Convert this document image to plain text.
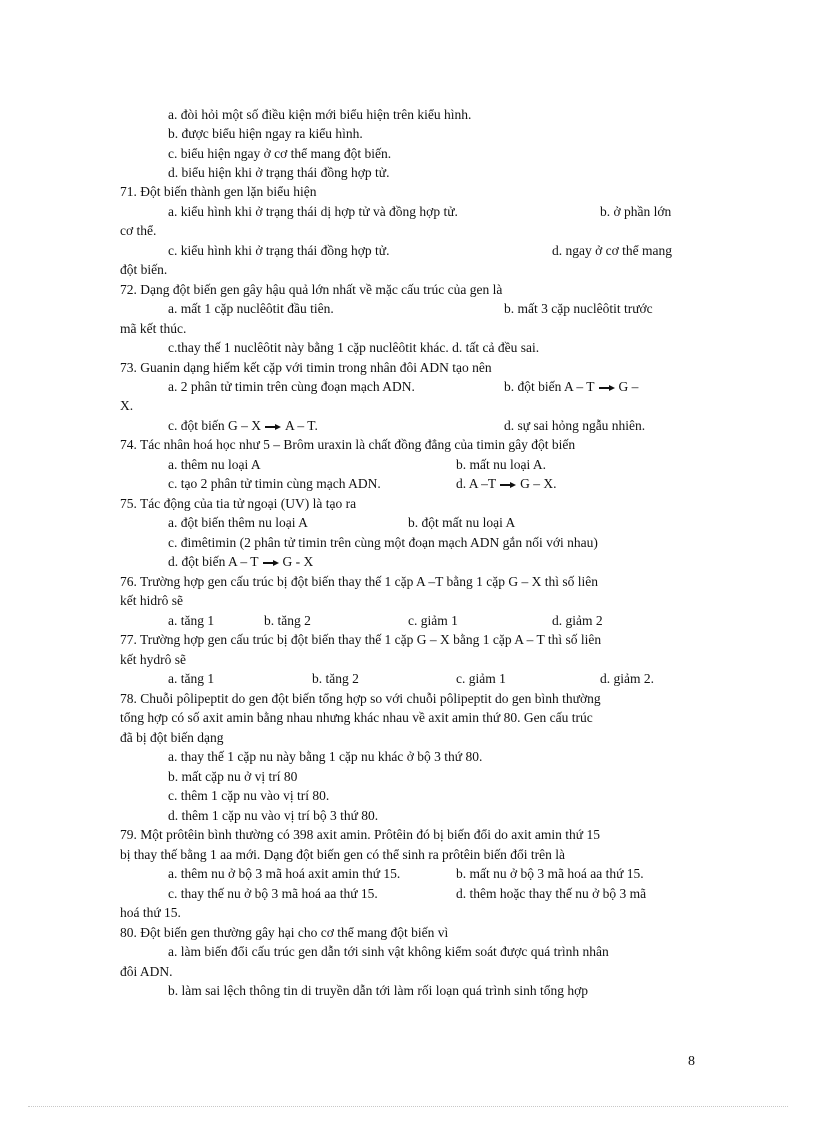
a. đòi hỏi một số điều kiện mới biểu hiện trên kiểu hình.
b. được biểu hiện ngay ra kiểu hình.
c. biểu hiện ngay ở cơ thể mang đột biến.
d. biểu hiện khi ở trạng thái đồng hợp tử.
71. Đột biến thành gen lặn biểu hiện
a. kiểu hình khi ở trạng thái dị hợp tử và đồng hợp tử.	b. ở phần lớn
cơ thể.
c. kiểu hình khi ở trạng thái đồng hợp tử.	d. ngay ở cơ thể mang
đột biến.
72. Dạng đột biến gen gây hậu quả lớn nhất về mặc cấu trúc của gen là
a. mất 1 cặp nuclêôtit đầu tiên.	b. mất 3 cặp nuclêôtit trước
mã kết thúc.
c.thay thế 1 nuclêôtit này bằng 1 cặp nuclêôtit khác. d. tất cả đều sai.
73. Guanin dạng hiếm kết cặp với timin trong nhân đôi ADN tạo nên
a. 2 phân tử timin trên cùng đoạn mạch ADN.	b. đột biến A – T G –
X.
c. đột biến G – X A – T.	d. sự sai hỏng ngẫu nhiên.
74. Tác nhân hoá học như 5 – Brôm uraxin là chất đồng đẳng của timin gây đột biến
a. thêm nu loại A	b. mất nu loại A.
c. tạo 2 phân tử timin cùng mạch ADN.	d. A –T G – X.
75. Tác động của tia tử ngoại (UV) là tạo ra
a. đột biến thêm nu loại A	b. đột mất nu loại A
c. đimêtimin (2 phân tử timin trên cùng một đoạn mạch ADN gắn nối với nhau)
d. đột biến A – T G - X
76. Trường hợp gen cấu trúc bị đột biến thay thế 1 cặp A –T bằng 1 cặp G – X thì số liên
kết hidrô sẽ
a. tăng 1	b. tăng 2	c. giảm 1	d. giảm 2
77. Trường hợp gen cấu trúc bị đột biến thay thế 1 cặp G – X bằng 1 cặp A – T thì số liên
kết hydrô sẽ
a. tăng 1	b. tăng 2	c. giảm 1	d. giảm 2.
78. Chuỗi pôlipeptit do gen đột biến tổng hợp so với chuỗi pôlipeptit do gen bình thường
tổng hợp có số axit amin bằng nhau nhưng khác nhau về axit amin thứ 80. Gen cấu trúc
đã bị đột biến dạng
a. thay thế 1 cặp nu này bằng 1 cặp nu khác ở bộ 3 thứ 80.
b. mất cặp nu ở vị trí 80
c. thêm 1 cặp nu vào vị trí 80.
d. thêm 1 cặp nu vào vị trí bộ 3 thứ 80.
79. Một prôtêin bình thường có 398 axit amin. Prôtêin đó bị biến đổi do axit amin thứ 15
bị thay thế bằng 1 aa mới. Dạng đột biến gen có thể sinh ra prôtêin biến đổi trên là
a. thêm nu ở bộ 3 mã hoá axit amin thứ 15.	b. mất nu ở bộ 3 mã hoá aa thứ 15.
c. thay thế nu ở bộ 3 mã hoá aa thứ 15.	d. thêm hoặc thay thế nu ở bộ 3 mã
hoá thứ 15.
80. Đột biến gen thường gây hại cho cơ thể mang đột biến vì
a. làm biến đổi cấu trúc gen dẫn tới sinh vật không kiểm soát được quá trình nhân
đôi ADN.
b. làm sai lệch thông tin di truyền dẫn tới làm rối loạn quá trình sinh tổng hợp
8
